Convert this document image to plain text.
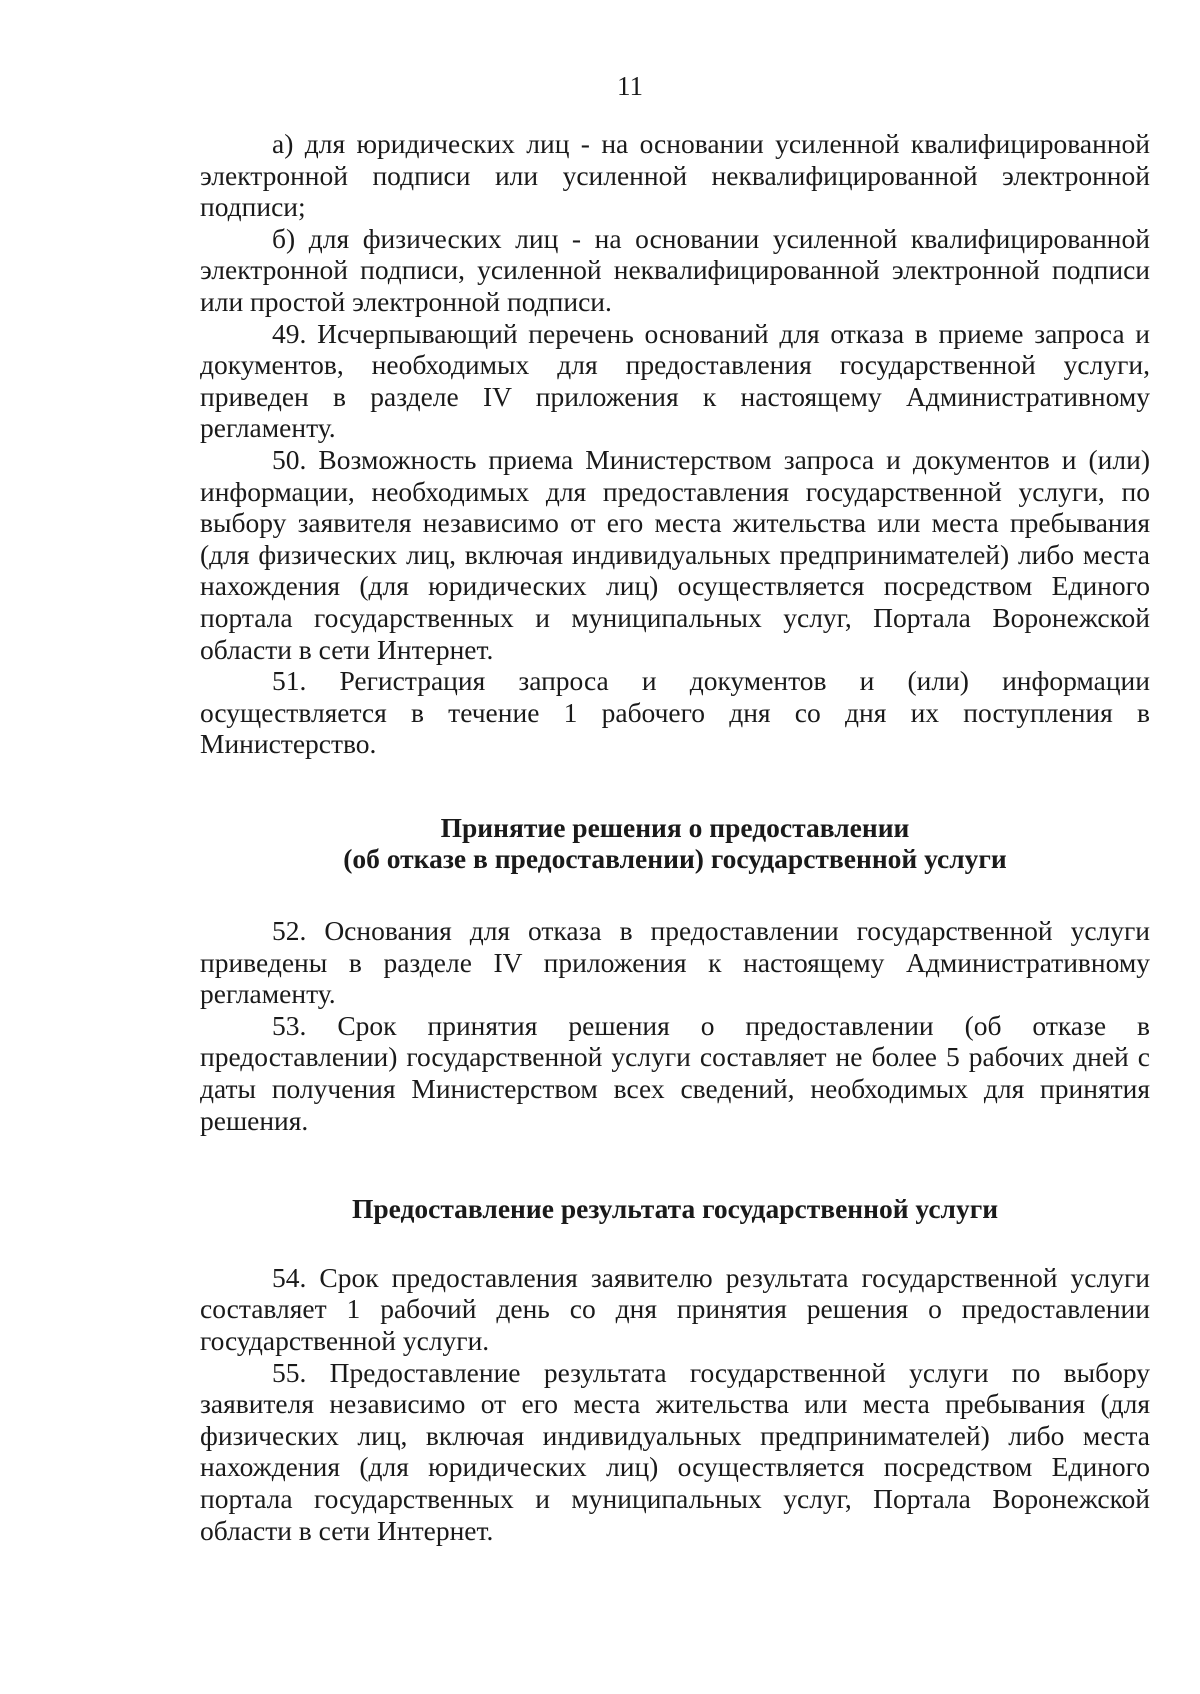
11

а) для юридических лиц - на основании усиленной квалифицированной электронной подписи или усиленной неквалифицированной электронной подписи;

б) для физических лиц - на основании усиленной квалифицированной электронной подписи, усиленной неквалифицированной электронной подписи или простой электронной подписи.

49. Исчерпывающий перечень оснований для отказа в приеме запроса и документов, необходимых для предоставления государственной услуги, приведен в разделе IV приложения к настоящему Административному регламенту.

50. Возможность приема Министерством запроса и документов и (или) информации, необходимых для предоставления государственной услуги, по выбору заявителя независимо от его места жительства или места пребывания (для физических лиц, включая индивидуальных предпринимателей) либо места нахождения (для юридических лиц) осуществляется посредством Единого портала государственных и муниципальных услуг, Портала Воронежской области в сети Интернет.

51. Регистрация запроса и документов и (или) информации осуществляется в течение 1 рабочего дня со дня их поступления в Министерство.

Принятие решения о предоставлении

(об отказе в предоставлении) государственной услуги

52. Основания для отказа в предоставлении государственной услуги приведены в разделе IV приложения к настоящему Административному регламенту.

53. Срок принятия решения о предоставлении (об отказе в предоставлении) государственной услуги составляет не более 5 рабочих дней с даты получения Министерством всех сведений, необходимых для принятия решения.

Предоставление результата государственной услуги

54. Срок предоставления заявителю результата государственной услуги составляет 1 рабочий день со дня принятия решения о предоставлении государственной услуги.

55. Предоставление результата государственной услуги по выбору заявителя независимо от его места жительства или места пребывания (для физических лиц, включая индивидуальных предпринимателей) либо места нахождения (для юридических лиц) осуществляется посредством Единого портала государственных и муниципальных услуг, Портала Воронежской области в сети Интернет.
